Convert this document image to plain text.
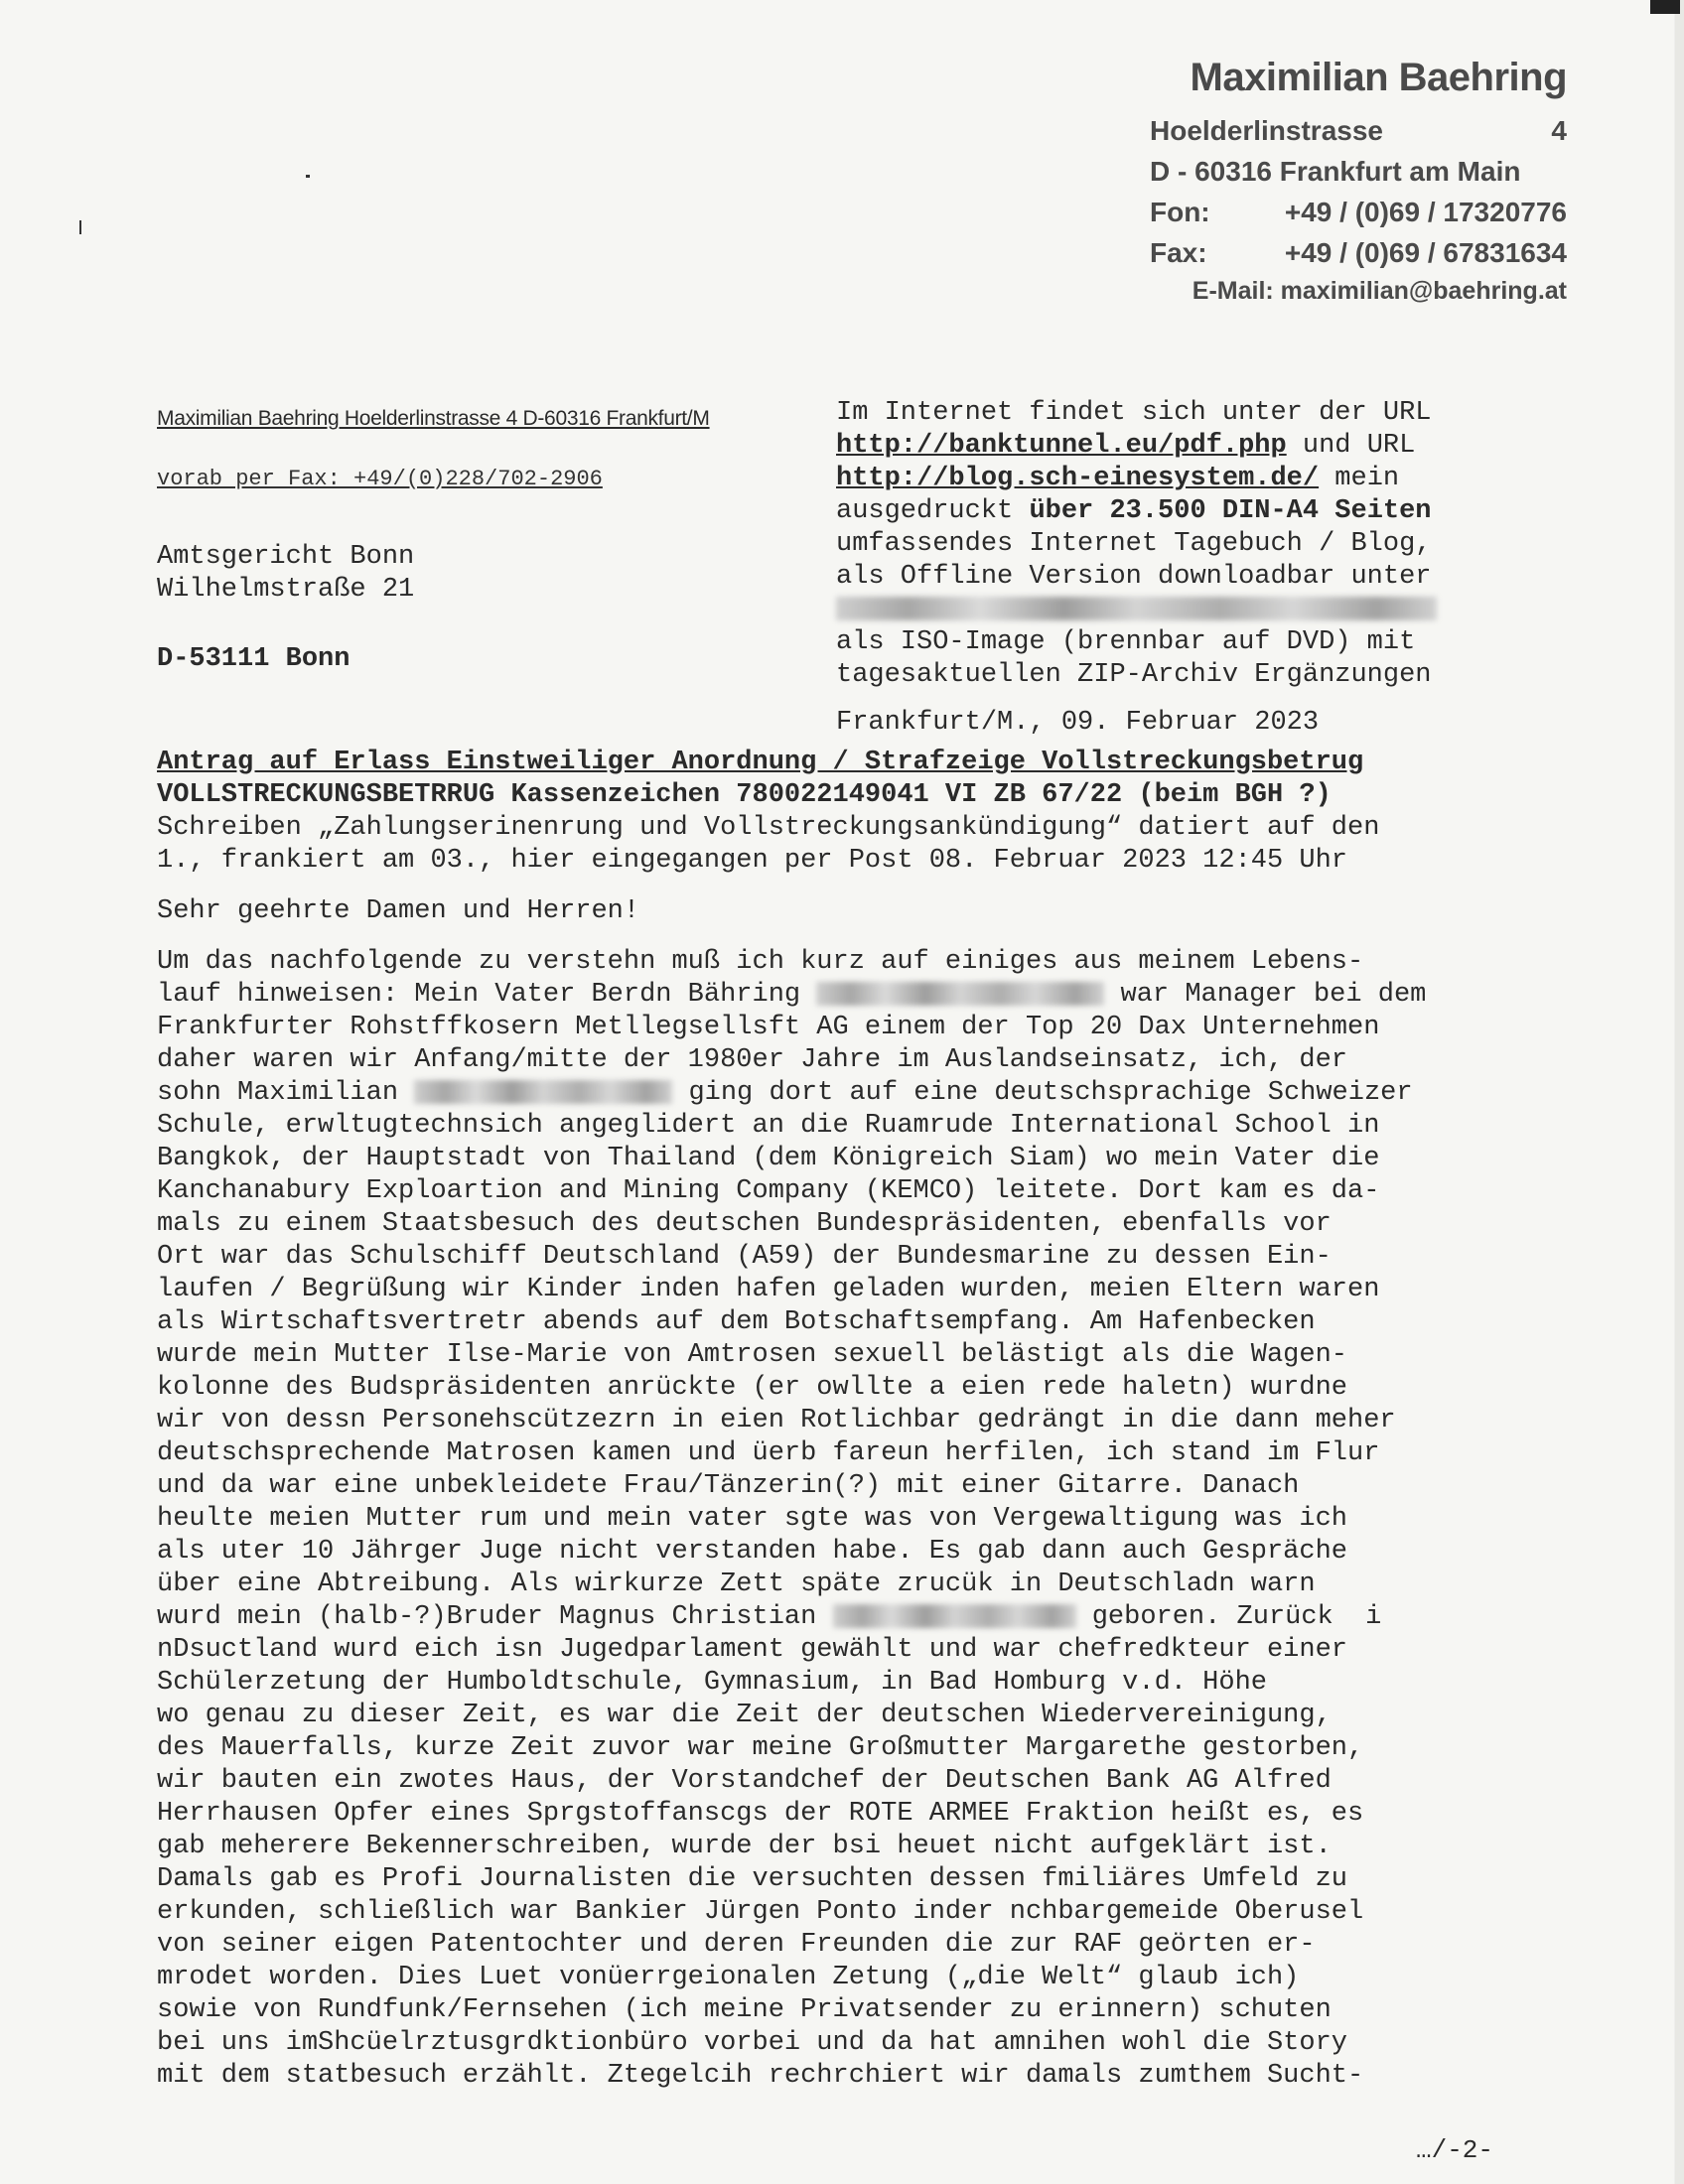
Maximilian Baehring
Hoelderlinstrasse	4
D - 60316 Frankfurt am Main
Fon:	+49 / (0)69 / 17320776
Fax:	+49 / (0)69 / 67831634
E-Mail: maximilian@baehring.at
Maximilian Baehring Hoelderlinstrasse 4 D-60316 Frankfurt/M
vorab per Fax: +49/(0)228/702-2906
Amtsgericht Bonn
Wilhelmstraße 21
D-53111 Bonn
Im Internet findet sich unter der URL
http://banktunnel.eu/pdf.php und URL
http://blog.sch-einesystem.de/ mein
ausgedruckt über 23.500 DIN-A4 Seiten
umfassendes Internet Tagebuch / Blog,
als Offline Version downloadbar unter
als ISO-Image (brennbar auf DVD) mit
tagesaktuellen ZIP-Archiv Ergänzungen
Frankfurt/M., 09. Februar 2023
Antrag auf Erlass Einstweiliger Anordnung / Strafzeige Vollstreckungsbetrug
VOLLSTRECKUNGSBETRRUG Kassenzeichen 780022149041 VI ZB 67/22 (beim BGH ?)
Schreiben „Zahlungserinenrung und Vollstreckungsankündigung“ datiert auf den
1., frankiert am 03., hier eingegangen per Post 08. Februar 2023 12:45 Uhr
Sehr geehrte Damen und Herren!
Um das nachfolgende zu verstehn muß ich kurz auf einiges aus meinem Lebens-
lauf hinweisen: Mein Vater Berdn Bähring	war Manager bei dem
Frankfurter Rohstffkosern Metllegsellsft AG einem der Top 20 Dax Unternehmen
daher waren wir Anfang/mitte der 1980er Jahre im Auslandseinsatz, ich, der
sohn Maximilian	ging dort auf eine deutschsprachige Schweizer
Schule, erwltugtechnsich angeglidert an die Ruamrude International School in
Bangkok, der Hauptstadt von Thailand (dem Königreich Siam) wo mein Vater die
Kanchanabury Exploartion and Mining Company (KEMCO) leitete. Dort kam es da-
mals zu einem Staatsbesuch des deutschen Bundespräsidenten, ebenfalls vor
Ort war das Schulschiff Deutschland (A59) der Bundesmarine zu dessen Ein-
laufen / Begrüßung wir Kinder inden hafen geladen wurden, meien Eltern waren
als Wirtschaftsvertretr abends auf dem Botschaftsempfang. Am Hafenbecken
wurde mein Mutter Ilse-Marie von Amtrosen sexuell belästigt als die Wagen-
kolonne des Budspräsidenten anrückte (er owllte a eien rede haletn) wurdne
wir von dessn Personehscützezrn in eien Rotlichbar gedrängt in die dann meher
deutschsprechende Matrosen kamen und üerb fareun herfilen, ich stand im Flur
und da war eine unbekleidete Frau/Tänzerin(?) mit einer Gitarre. Danach
heulte meien Mutter rum und mein vater sgte was von Vergewaltigung was ich
als uter 10 Jährger Juge nicht verstanden habe. Es gab dann auch Gespräche
über eine Abtreibung. Als wirkurze Zett späte zrucük in Deutschladn warn
wurd mein (halb-?)Bruder Magnus Christian	geboren. Zurück  i
nDsuctland wurd eich isn Jugedparlament gewählt und war chefredkteur einer
Schülerzetung der Humboldtschule, Gymnasium, in Bad Homburg v.d. Höhe
wo genau zu dieser Zeit, es war die Zeit der deutschen Wiedervereinigung,
des Mauerfalls, kurze Zeit zuvor war meine Großmutter Margarethe gestorben,
wir bauten ein zwotes Haus, der Vorstandchef der Deutschen Bank AG Alfred
Herrhausen Opfer eines Sprgstoffanscgs der ROTE ARMEE Fraktion heißt es, es
gab meherere Bekennerschreiben, wurde der bsi heuet nicht aufgeklärt ist.
Damals gab es Profi Journalisten die versuchten dessen fmiliäres Umfeld zu
erkunden, schließlich war Bankier Jürgen Ponto inder nchbargemeide Oberusel
von seiner eigen Patentochter und deren Freunden die zur RAF geörten er-
mrodet worden. Dies Luet vonüerrgeionalen Zetung („die Welt“ glaub ich)
sowie von Rundfunk/Fernsehen (ich meine Privatsender zu erinnern) schuten
bei uns imShcüelrztusgrdktionbüro vorbei und da hat amnihen wohl die Story
mit dem statbesuch erzählt. Ztegelcih rechrchiert wir damals zumthem Sucht-
…/-2-
